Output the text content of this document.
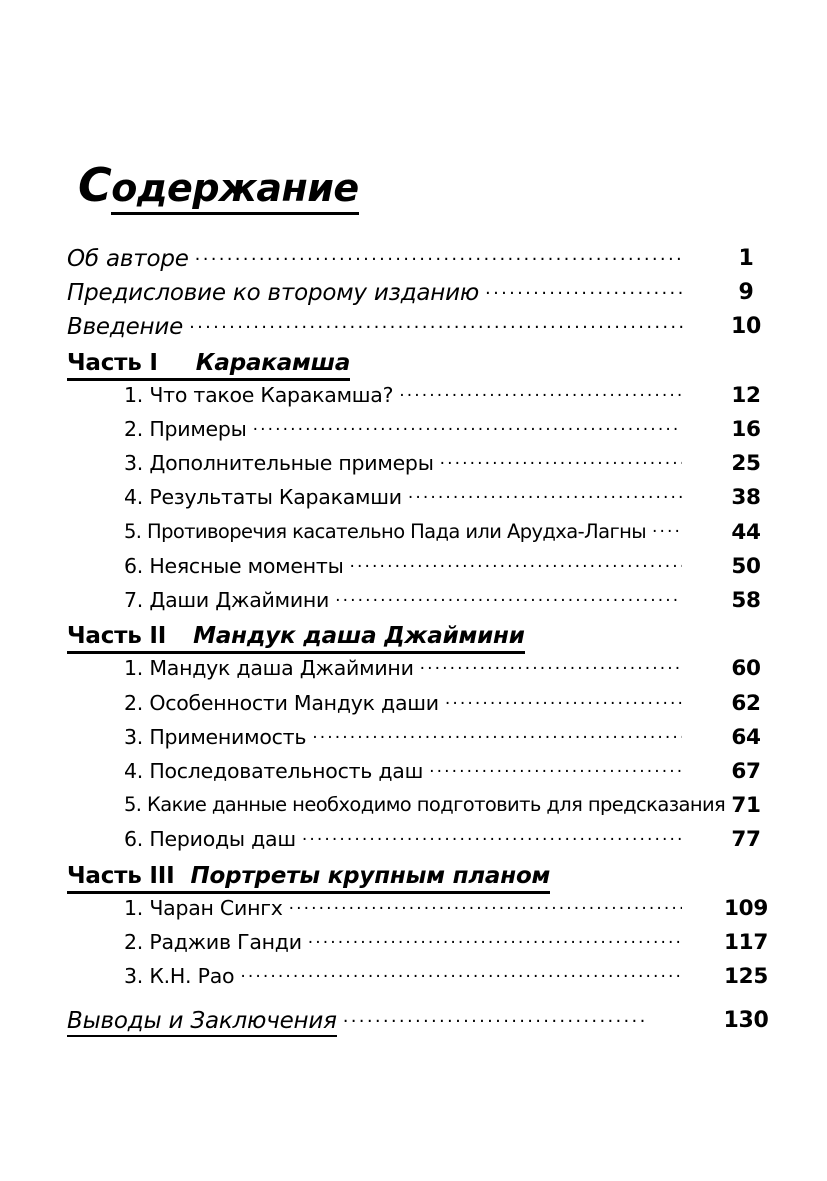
Содержание
Об авторе .....	1
Предисловие ко второму изданию .....	9
Введение .....	10
Часть I Каракамша
1. Что такое Каракамша? .....	12
2. Примеры .....	16
3. Дополнительные примеры .....	25
4. Результаты Каракамши .....	38
5. Противоречия касательно Пада или Арудха-Лагны .....	44
6. Неясные моменты .....	50
7. Даши Джаймини .....	58
Часть II Мандук даша Джаймини
1. Мандук даша Джаймини .....	60
2. Особенности Мандук даши .....	62
3. Применимость .....	64
4. Последовательность даш .....	67
5. Какие данные необходимо подготовить для предсказания 71
6. Периоды даш .....	77
Часть III Портреты крупным планом
1. Чаран Сингх .....	109
2. Раджив Ганди .....	117
3. К.Н. Рао .....	125
Выводы и Заключения .....	130
